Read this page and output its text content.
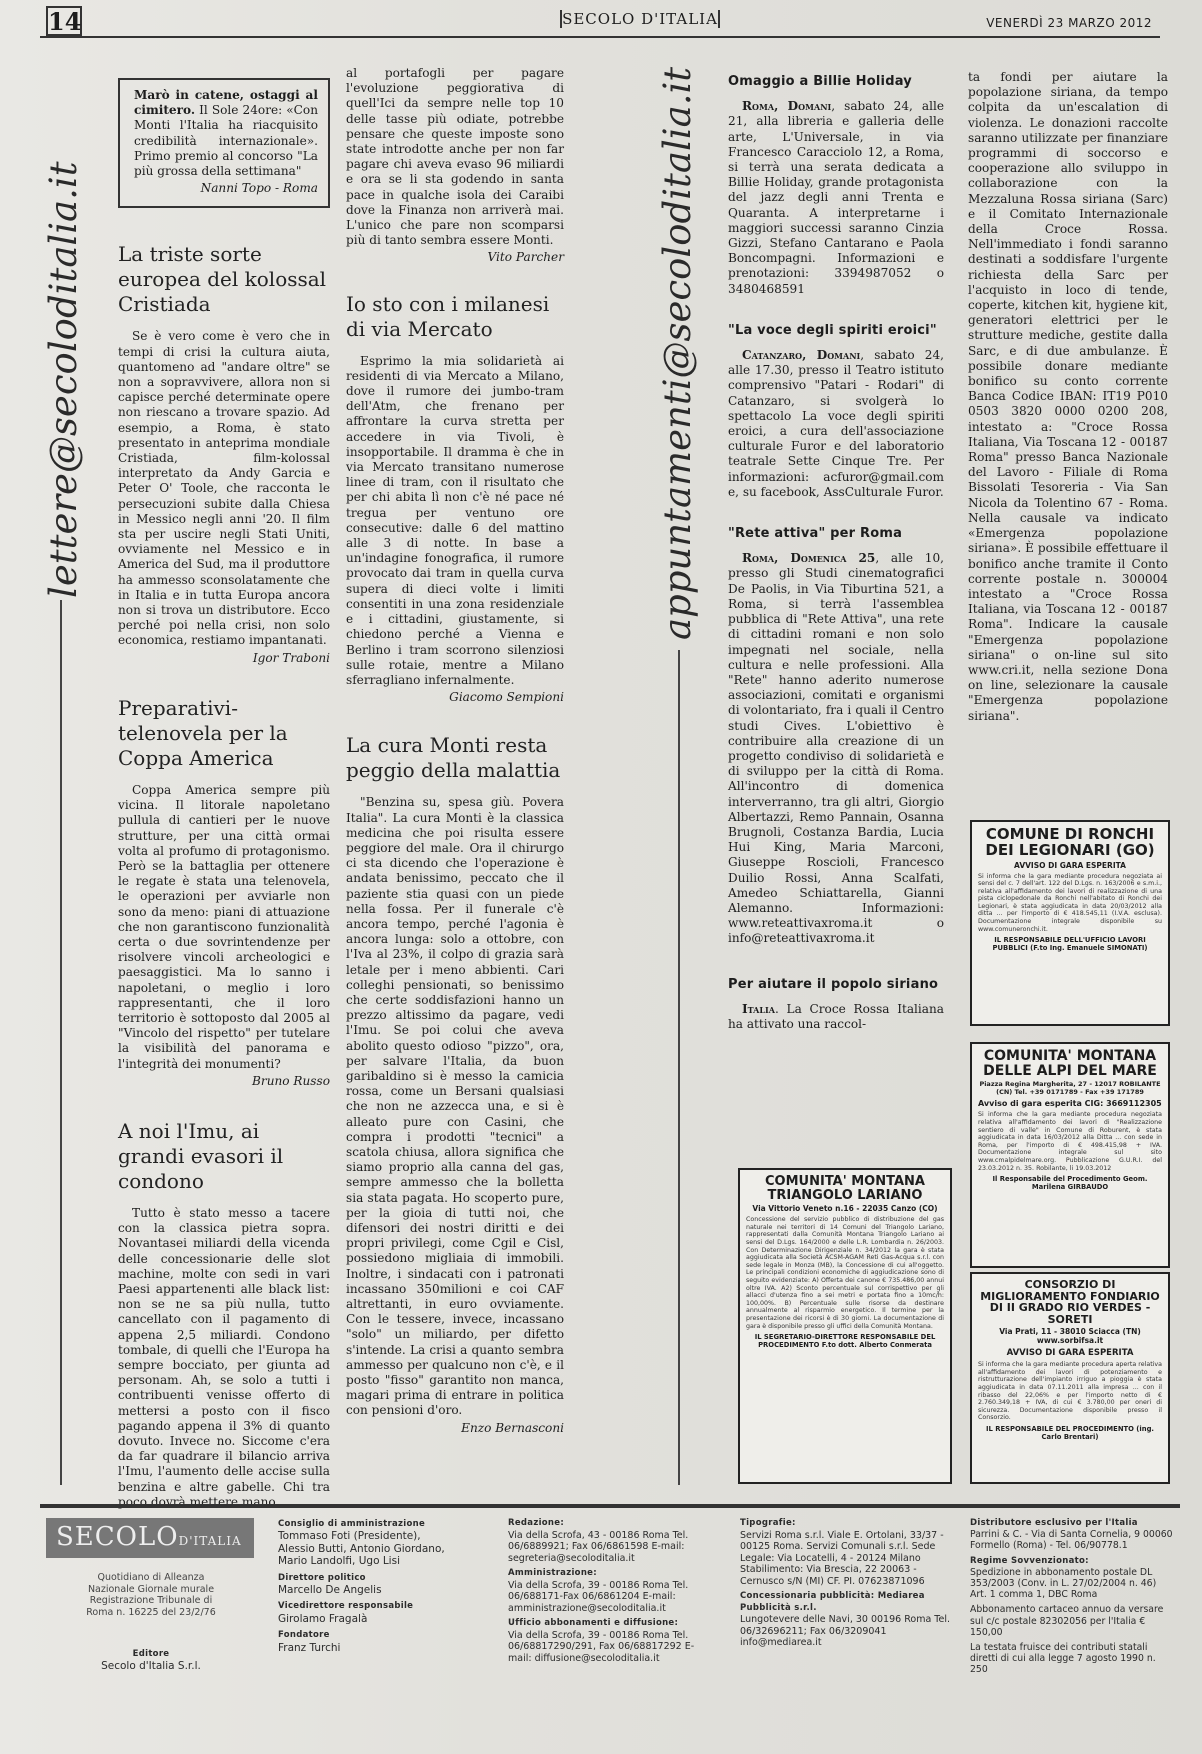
14	SECOLO D'ITALIA	VENERDÌ 23 MARZO 2012
lettere@secoloditalia.it	appuntamenti@secoloditalia.it

Marò in catene, ostaggi al cimitero. Il Sole 24ore: «Con Monti l'Italia ha riacquisito credibilità internazionale». Primo premio al concorso "La più grossa della settimana"

Nanni Topo - Roma

La triste sorte europea del kolossal Cristiada

Se è vero come è vero che in tempi di crisi la cultura aiuta, quantomeno ad "andare oltre" se non a sopravvivere, allora non si capisce perché determinate opere non riescano a trovare spazio. Ad esempio, a Roma, è stato presentato in anteprima mondiale Cristiada, film-kolossal interpretato da Andy Garcia e Peter O' Toole, che racconta le persecuzioni subite dalla Chiesa in Messico negli anni '20. Il film sta per uscire negli Stati Uniti, ovviamente nel Messico e in America del Sud, ma il produttore ha ammesso sconsolatamente che in Italia e in tutta Europa ancora non si trova un distributore. Ecco perché poi nella crisi, non solo economica, restiamo impantanati.

Igor Traboni

Preparativi-telenovela per la Coppa America

Coppa America sempre più vicina. Il litorale napoletano pullula di cantieri per le nuove strutture, per una città ormai volta al profumo di protagonismo. Però se la battaglia per ottenere le regate è stata una telenovela, le operazioni per avviarle non sono da meno: piani di attuazione che non garantiscono funzionalità certa o due sovrintendenze per risolvere vincoli archeologici e paesaggistici. Ma lo sanno i napoletani, o meglio i loro rappresentanti, che il loro territorio è sottoposto dal 2005 al "Vincolo del rispetto" per tutelare la visibilità del panorama e l'integrità dei monumenti?

Bruno Russo

A noi l'Imu, ai grandi evasori il condono

Tutto è stato messo a tacere con la classica pietra sopra. Novantasei miliardi della vicenda delle concessionarie delle slot machine, molte con sedi in vari Paesi appartenenti alle black list: non se ne sa più nulla, tutto cancellato con il pagamento di appena 2,5 miliardi. Condono tombale, di quelli che l'Europa ha sempre bocciato, per giunta ad personam. Ah, se solo a tutti i contribuenti venisse offerto di mettersi a posto con il fisco pagando appena il 3% di quanto dovuto. Invece no. Siccome c'era da far quadrare il bilancio arriva l'Imu, l'aumento delle accise sulla benzina e altre gabelle. Chi tra poco dovrà mettere mano

al portafogli per pagare l'evoluzione peggiorativa di quell'Ici da sempre nelle top 10 delle tasse più odiate, potrebbe pensare che queste imposte sono state introdotte anche per non far pagare chi aveva evaso 96 miliardi e ora se li sta godendo in santa pace in qualche isola dei Caraibi dove la Finanza non arriverà mai. L'unico che pare non scomparsi più di tanto sembra essere Monti.

Vito Parcher

Io sto con i milanesi di via Mercato

Esprimo la mia solidarietà ai residenti di via Mercato a Milano, dove il rumore dei jumbo-tram dell'Atm, che frenano per affrontare la curva stretta per accedere in via Tivoli, è insopportabile. Il dramma è che in via Mercato transitano numerose linee di tram, con il risultato che per chi abita lì non c'è né pace né tregua per ventuno ore consecutive: dalle 6 del mattino alle 3 di notte. In base a un'indagine fonografica, il rumore provocato dai tram in quella curva supera di dieci volte i limiti consentiti in una zona residenziale e i cittadini, giustamente, si chiedono perché a Vienna e Berlino i tram scorrono silenziosi sulle rotaie, mentre a Milano sferragliano infernalmente.

Giacomo Sempioni

La cura Monti resta peggio della malattia

"Benzina su, spesa giù. Povera Italia". La cura Monti è la classica medicina che poi risulta essere peggiore del male. Ora il chirurgo ci sta dicendo che l'operazione è andata benissimo, peccato che il paziente stia quasi con un piede nella fossa. Per il funerale c'è ancora tempo, perché l'agonia è ancora lunga: solo a ottobre, con l'Iva al 23%, il colpo di grazia sarà letale per i meno abbienti. Cari colleghi pensionati, so benissimo che certe soddisfazioni hanno un prezzo altissimo da pagare, vedi l'Imu. Se poi colui che aveva abolito questo odioso "pizzo", ora, per salvare l'Italia, da buon garibaldino si è messo la camicia rossa, come un Bersani qualsiasi che non ne azzecca una, e si è alleato pure con Casini, che compra i prodotti "tecnici" a scatola chiusa, allora significa che siamo proprio alla canna del gas, sempre ammesso che la bolletta sia stata pagata. Ho scoperto pure, per la gioia di tutti noi, che difensori dei nostri diritti e dei propri privilegi, come Cgil e Cisl, possiedono migliaia di immobili. Inoltre, i sindacati con i patronati incassano 350milioni e coi CAF altrettanti, in euro ovviamente. Con le tessere, invece, incassano "solo" un miliardo, per difetto s'intende. La crisi a quanto sembra ammesso per qualcuno non c'è, e il posto "fisso" garantito non manca, magari prima di entrare in politica con pensioni d'oro.

Enzo Bernasconi

Omaggio a Billie Holiday

Roma, Domani, sabato 24, alle 21, alla libreria e galleria delle arte, L'Universale, in via Francesco Caracciolo 12, a Roma, si terrà una serata dedicata a Billie Holiday, grande protagonista del jazz degli anni Trenta e Quaranta. A interpretarne i maggiori successi saranno Cinzia Gizzi, Stefano Cantarano e Paola Boncompagni. Informazioni e prenotazioni: 3394987052 o 3480468591

"La voce degli spiriti eroici"

Catanzaro, Domani, sabato 24, alle 17.30, presso il Teatro istituto comprensivo "Patari - Rodari" di Catanzaro, si svolgerà lo spettacolo La voce degli spiriti eroici, a cura dell'associazione culturale Furor e del laboratorio teatrale Sette Cinque Tre. Per informazioni: acfuror@gmail.com e, su facebook, AssCulturale Furor.

"Rete attiva" per Roma

Roma, Domenica 25, alle 10, presso gli Studi cinematografici De Paolis, in Via Tiburtina 521, a Roma, si terrà l'assemblea pubblica di "Rete Attiva", una rete di cittadini romani e non solo impegnati nel sociale, nella cultura e nelle professioni. Alla "Rete" hanno aderito numerose associazioni, comitati e organismi di volontariato, fra i quali il Centro studi Cives. L'obiettivo è contribuire alla creazione di un progetto condiviso di solidarietà e di sviluppo per la città di Roma. All'incontro di domenica interverranno, tra gli altri, Giorgio Albertazzi, Remo Pannain, Osanna Brugnoli, Costanza Bardia, Lucia Hui King, Maria Marconi, Giuseppe Roscioli, Francesco Duilio Rossi, Anna Scalfati, Amedeo Schiattarella, Gianni Alemanno. Informazioni: www.reteattivaxroma.it o info@reteattivaxroma.it

Per aiutare il popolo siriano

Italia. La Croce Rossa Italiana ha attivato una raccol-

ta fondi per aiutare la popolazione siriana, da tempo colpita da un'escalation di violenza. Le donazioni raccolte saranno utilizzate per finanziare programmi di soccorso e cooperazione allo sviluppo in collaborazione con la Mezzaluna Rossa siriana (Sarc) e il Comitato Internazionale della Croce Rossa. Nell'immediato i fondi saranno destinati a soddisfare l'urgente richiesta della Sarc per l'acquisto in loco di tende, coperte, kitchen kit, hygiene kit, generatori elettrici per le strutture mediche, gestite dalla Sarc, e di due ambulanze. È possibile donare mediante bonifico su conto corrente Banca Codice IBAN: IT19 P010 0503 3820 0000 0200 208, intestato a: "Croce Rossa Italiana, Via Toscana 12 - 00187 Roma" presso Banca Nazionale del Lavoro - Filiale di Roma Bissolati Tesoreria - Via San Nicola da Tolentino 67 - Roma. Nella causale va indicato «Emergenza popolazione siriana». È possibile effettuare il bonifico anche tramite il Conto corrente postale n. 300004 intestato a "Croce Rossa Italiana, via Toscana 12 - 00187 Roma". Indicare la causale "Emergenza popolazione siriana" o on-line sul sito www.cri.it, nella sezione Dona on line, selezionare la causale "Emergenza popolazione siriana".

COMUNITA' MONTANA TRIANGOLO LARIANO
Via Vittorio Veneto n.16 - 22035 Canzo (CO)
Concessione del servizio pubblico di distribuzione del gas naturale nei territori di 14 Comuni del Triangolo Lariano, rappresentati dalla Comunità Montana Triangolo Lariano ai sensi del D.Lgs. 164/2000 e delle L.R. Lombardia n. 26/2003. Con Determinazione Dirigenziale n. 34/2012 la gara è stata aggiudicata alla Società ACSM-AGAM Reti Gas-Acqua s.r.l. con sede legale in Monza (MB), la Concessione di cui all'oggetto. Le principali condizioni economiche di aggiudicazione sono di seguito evidenziate: A) Offerta dei canone € 735.486,00 annui oltre IVA. A2) Sconto percentuale sul corrispettivo per gli allacci d'utenza fino a sei metri e portata fino a 10mc/h: 100,00%. B) Percentuale sulle risorse da destinare annualmente al risparmio energetico. Il termine per la presentazione dei ricorsi è di 30 giorni. La documentazione di gara è disponibile presso gli uffici della Comunità Montana.
IL SEGRETARIO-DIRETTORE RESPONSABILE DEL PROCEDIMENTO F.to dott. Alberto Conmerata
COMUNE DI RONCHI DEI LEGIONARI (GO)
AVVISO DI GARA ESPERITA
Si informa che la gara mediante procedura negoziata ai sensi del c. 7 dell'art. 122 del D.Lgs. n. 163/2006 e s.m.i., relativa all'affidamento dei lavori di realizzazione di una pista ciclopedonale da Ronchi nell'abitato di Ronchi dei Legionari, è stata aggiudicata in data 20/03/2012 alla ditta ... per l'importo di € 418.545,11 (I.V.A. esclusa). Documentazione integrale disponibile su www.comuneronchi.it.
IL RESPONSABILE DELL'UFFICIO LAVORI PUBBLICI (F.to Ing. Emanuele SIMONATI)
COMUNITA' MONTANA DELLE ALPI DEL MARE
Piazza Regina Margherita, 27 - 12017 ROBILANTE (CN) Tel. +39 0171789 - Fax +39 171789
Avviso di gara esperita CIG: 3669112305
Si informa che la gara mediante procedura negoziata relativa all'affidamento dei lavori di "Realizzazione sentiero di valle" in Comune di Roburent, è stata aggiudicata in data 16/03/2012 alla Ditta ... con sede in Roma, per l'importo di € 498.415,98 + IVA. Documentazione integrale sul sito www.cmalpidelmare.org. Pubblicazione G.U.R.I. del 23.03.2012 n. 35. Robilante, li 19.03.2012
Il Responsabile del Procedimento Geom. Marilena GIRBAUDO
CONSORZIO DI MIGLIORAMENTO FONDIARIO DI II GRADO RIO VERDES - SORETI
Via Prati, 11 - 38010 Sciacca (TN) www.sorbifsa.it
AVVISO DI GARA ESPERITA
Si informa che la gara mediante procedura aperta relativa all'affidamento dei lavori di potenziamento e ristrutturazione dell'impianto irriguo a pioggia è stata aggiudicata in data 07.11.2011 alla impresa ... con il ribasso del 22,06% e per l'importo netto di € 2.760.349,18 + IVA, di cui € 3.780,00 per oneri di sicurezza. Documentazione disponibile presso il Consorzio.
IL RESPONSABILE DEL PROCEDIMENTO (ing. Carlo Brentari)
SECOLOD'ITALIA
Quotidiano di Alleanza Nazionale Giornale murale Registrazione Tribunale di Roma n. 16225 del 23/2/76
Editore
Secolo d'Italia S.r.l.
Consiglio di amministrazione
Tommaso Foti (Presidente), Alessio Butti, Antonio Giordano, Mario Landolfi, Ugo Lisi
Direttore politico
Marcello De Angelis
Vicedirettore responsabile
Girolamo Fragalà
Fondatore
Franz Turchi
Redazione:
Via della Scrofa, 43 - 00186 Roma Tel. 06/6889921; Fax 06/6861598 E-mail: segreteria@secoloditalia.it
Amministrazione:
Via della Scrofa, 39 - 00186 Roma Tel. 06/688171-Fax 06/6861204 E-mail: amministrazione@secoloditalia.it
Ufficio abbonamenti e diffusione:
Via della Scrofa, 39 - 00186 Roma Tel. 06/68817290/291, Fax 06/68817292 E-mail: diffusione@secoloditalia.it
Tipografie:
Servizi Roma s.r.l. Viale E. Ortolani, 33/37 - 00125 Roma. Servizi Comunali s.r.l. Sede Legale: Via Locatelli, 4 - 20124 Milano Stabilimento: Via Brescia, 22 20063 - Cernusco s/N (MI) CF. PI. 07623871096
Concessionaria pubblicità: Mediarea Pubblicità s.r.l.
Lungotevere delle Navi, 30 00196 Roma Tel. 06/32696211; Fax 06/3209041 info@mediarea.it
Distributore esclusivo per l'Italia
Parrini & C. - Via di Santa Cornelia, 9 00060 Formello (Roma) - Tel. 06/90778.1
Regime Sovvenzionato:
Spedizione in abbonamento postale DL 353/2003 (Conv. in L. 27/02/2004 n. 46) Art. 1 comma 1, DBC Roma
Abbonamento cartaceo annuo da versare sul c/c postale 82302056 per l'Italia € 150,00
La testata fruisce dei contributi statali diretti di cui alla legge 7 agosto 1990 n. 250
